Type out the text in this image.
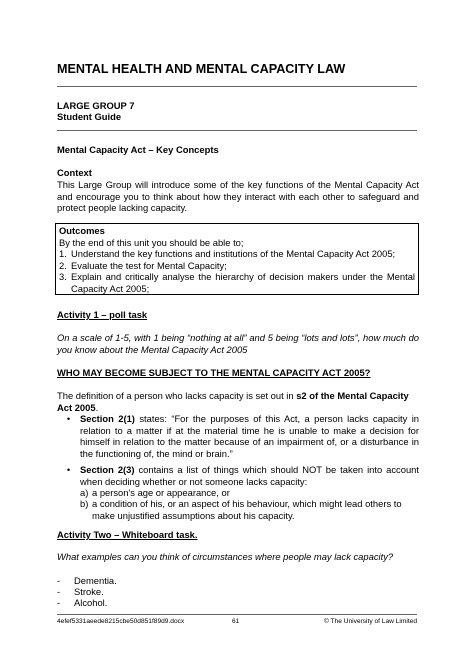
MENTAL HEALTH AND MENTAL CAPACITY LAW
LARGE GROUP 7
Student Guide
Mental Capacity Act – Key Concepts
Context
This Large Group will introduce some of the key functions of the Mental Capacity Act and encourage you to think about how they interact with each other to safeguard and protect people lacking capacity.
Outcomes
By the end of this unit you should be able to;
1. Understand the key functions and institutions of the Mental Capacity Act 2005;
2. Evaluate the test for Mental Capacity;
3. Explain and critically analyse the hierarchy of decision makers under the Mental Capacity Act 2005;
Activity 1 – poll task
On a scale of 1-5, with 1 being “nothing at all” and 5 being “lots and lots”, how much do you know about the Mental Capacity Act 2005
WHO MAY BECOME SUBJECT TO THE MENTAL CAPACITY ACT 2005?
The definition of a person who lacks capacity is set out in s2 of the Mental Capacity Act 2005.
•	Section 2(1) states: “For the purposes of this Act, a person lacks capacity in relation to a matter if at the material time he is unable to make a decision for himself in relation to the matter because of an impairment of, or a disturbance in the functioning of, the mind or brain.”
•	Section 2(3) contains a list of things which should NOT be taken into account when deciding whether or not someone lacks capacity:
a) a person's age or appearance, or
b) a condition of his, or an aspect of his behaviour, which might lead others to make unjustified assumptions about his capacity.
Activity Two – Whiteboard task.
What examples can you think of circumstances where people may lack capacity?
-	Dementia.
-	Stroke.
-	Alcohol.
4efef5331aeede8215cbe50d851f89d9.docx	61	© The University of Law Limited
